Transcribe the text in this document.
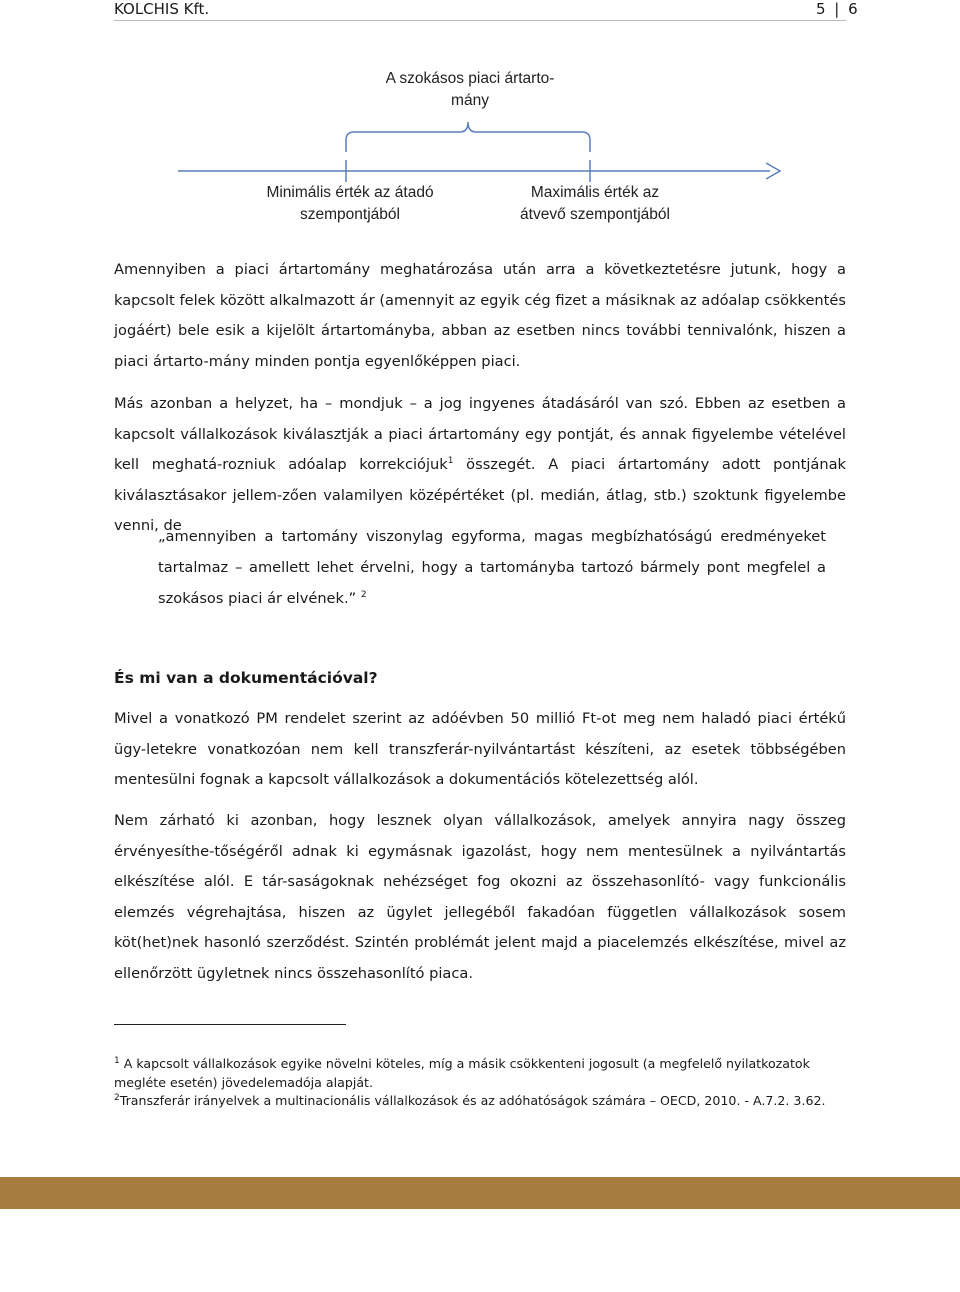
KOLCHIS Kft.	5 | 6
A szokásos piaci ártarto-
mány
Minimális érték az átadó
szempontjából
Maximális érték az
átvevő szempontjából
Amennyiben a piaci ártartomány meghatározása után arra a következtetésre jutunk, hogy a kapcsolt felek között alkalmazott ár (amennyit az egyik cég fizet a másiknak az adóalap csökkentés jogáért) bele esik a kijelölt ártartományba, abban az esetben nincs további tennivalónk, hiszen a piaci ártarto-mány minden pontja egyenlőképpen piaci.
Más azonban a helyzet, ha – mondjuk – a jog ingyenes átadásáról van szó. Ebben az esetben a kapcsolt vállalkozások kiválasztják a piaci ártartomány egy pontját, és annak figyelembe vételével kell meghatá-rozniuk adóalap korrekciójuk$^1$ összegét. A piaci ártartomány adott pontjának kiválasztásakor jellem-zően valamilyen középértéket (pl. medián, átlag, stb.) szoktunk figyelembe venni, de
„amennyiben a tartomány viszonylag egyforma, magas megbízhatóságú eredményeket tartalmaz – amellett lehet érvelni, hogy a tartományba tartozó bármely pont megfelel a szokásos piaci ár elvének.” $^2$
És mi van a dokumentációval?
Mivel a vonatkozó PM rendelet szerint az adóévben 50 millió Ft-ot meg nem haladó piaci értékű ügy-letekre vonatkozóan nem kell transzferár-nyilvántartást készíteni, az esetek többségében mentesülni fognak a kapcsolt vállalkozások a dokumentációs kötelezettség alól.
Nem zárható ki azonban, hogy lesznek olyan vállalkozások, amelyek annyira nagy összeg érvényesíthe-tőségéről adnak ki egymásnak igazolást, hogy nem mentesülnek a nyilvántartás elkészítése alól. E tár-saságoknak nehézséget fog okozni az összehasonlító- vagy funkcionális elemzés végrehajtása, hiszen az ügylet jellegéből fakadóan független vállalkozások sosem köt(het)nek hasonló szerződést. Szintén problémát jelent majd a piacelemzés elkészítése, mivel az ellenőrzött ügyletnek nincs összehasonlító piaca.

$^1$ A kapcsolt vállalkozások egyike növelni köteles, míg a másik csökkenteni jogosult (a megfelelő nyilatkozatok megléte esetén) jövedelemadója alapját.

$^2$Transzferár irányelvek a multinacionális vállalkozások és az adóhatóságok számára – OECD, 2010. - A.7.2. 3.62.
